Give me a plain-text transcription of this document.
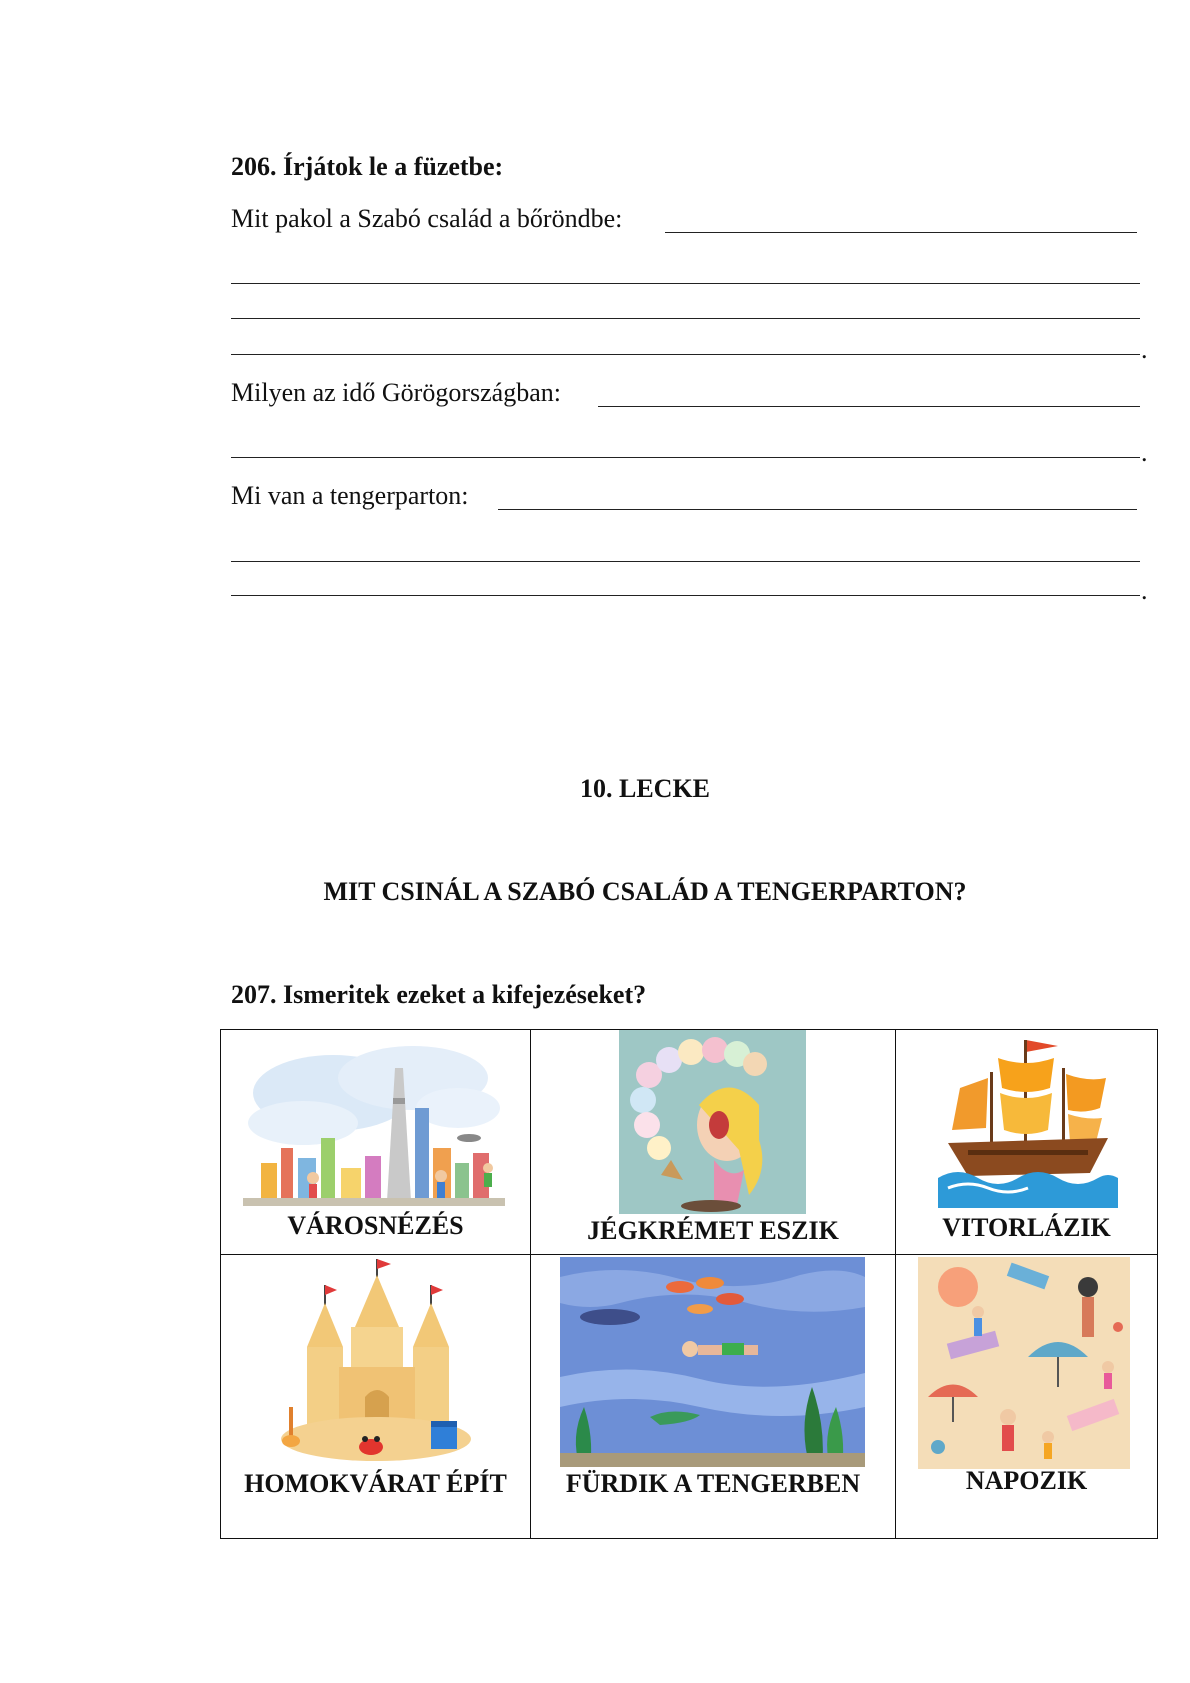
206. Írjátok le a füzetbe:
Mit pakol a Szabó család a bőröndbe:
.
Milyen az idő Görögországban:
.
Mi van a tengerparton:
.
10. LECKE
MIT CSINÁL A SZABÓ CSALÁD A TENGERPARTON?
207. Ismeritek ezeket a kifejezéseket?
VÁROSNÉZÉS	JÉGKRÉMET ESZIK	VITORLÁZIK

HOMOKVÁRAT ÉPÍT	FÜRDIK A TENGERBEN	NAPOZIK
